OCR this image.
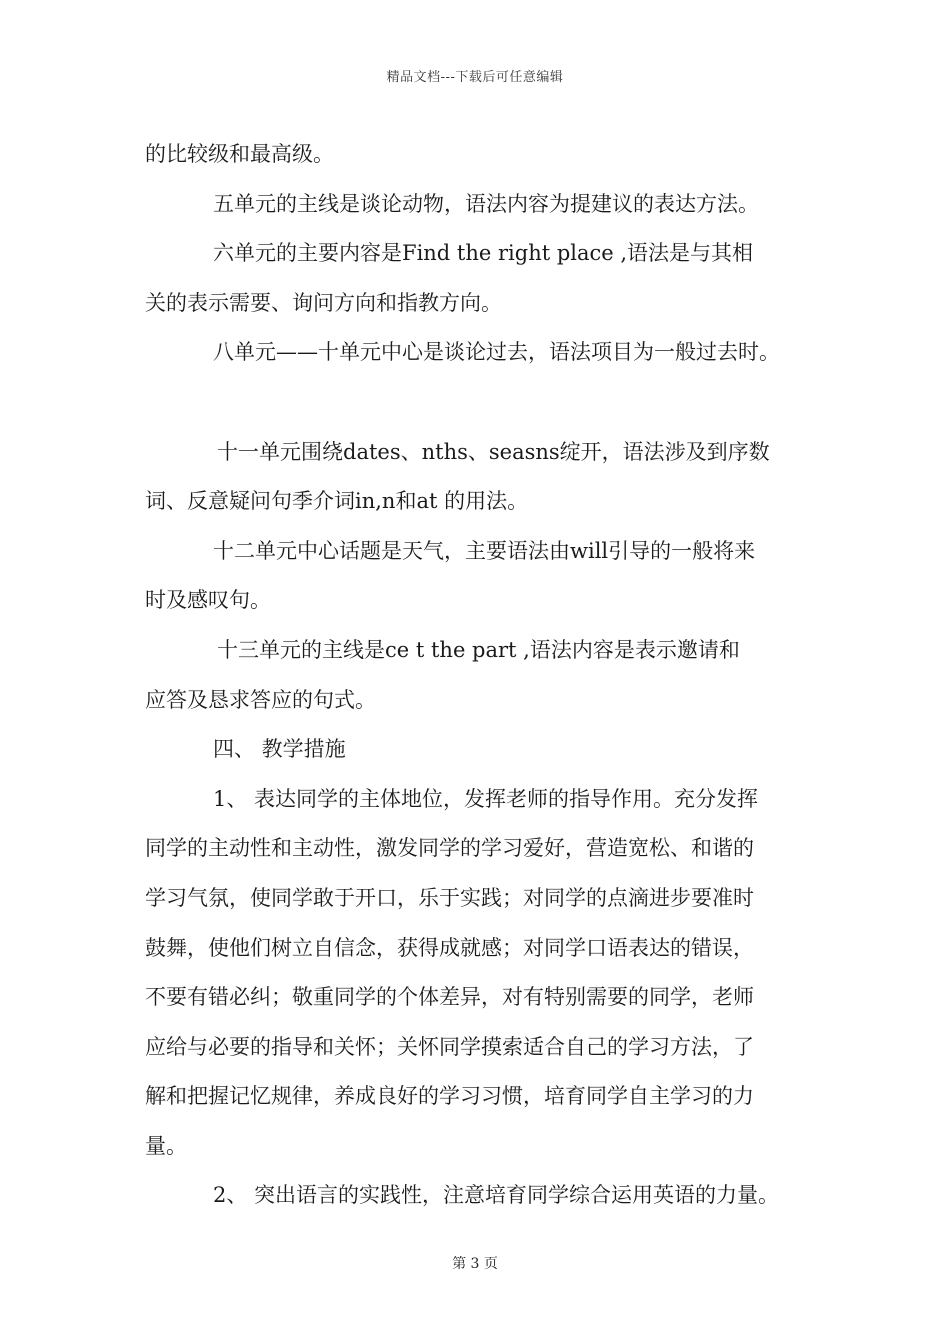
精品文档---下载后可任意编辑
的比较级和最高级。
五单元的主线是谈论动物，语法内容为提建议的表达方法。
六单元的主要内容是Find the right place ,语法是与其相
关的表示需要、询问方向和指教方向。
八单元——十单元中心是谈论过去，语法项目为一般过去时。
十一单元围绕dates、nths、seasns绽开，语法涉及到序数
词、反意疑问句季介词in,n和at 的用法。
十二单元中心话题是天气，主要语法由will引导的一般将来
时及感叹句。
十三单元的主线是ce t the part ,语法内容是表示邀请和
应答及恳求答应的句式。
四、 教学措施
1、 表达同学的主体地位，发挥老师的指导作用。充分发挥
同学的主动性和主动性，激发同学的学习爱好，营造宽松、和谐的
学习气氛，使同学敢于开口，乐于实践；对同学的点滴进步要准时
鼓舞，使他们树立自信念，获得成就感；对同学口语表达的错误，
不要有错必纠；敬重同学的个体差异，对有特别需要的同学，老师
应给与必要的指导和关怀；关怀同学摸索适合自己的学习方法，了
解和把握记忆规律，养成良好的学习习惯，培育同学自主学习的力
量。
2、 突出语言的实践性，注意培育同学综合运用英语的力量。
第 3 页
